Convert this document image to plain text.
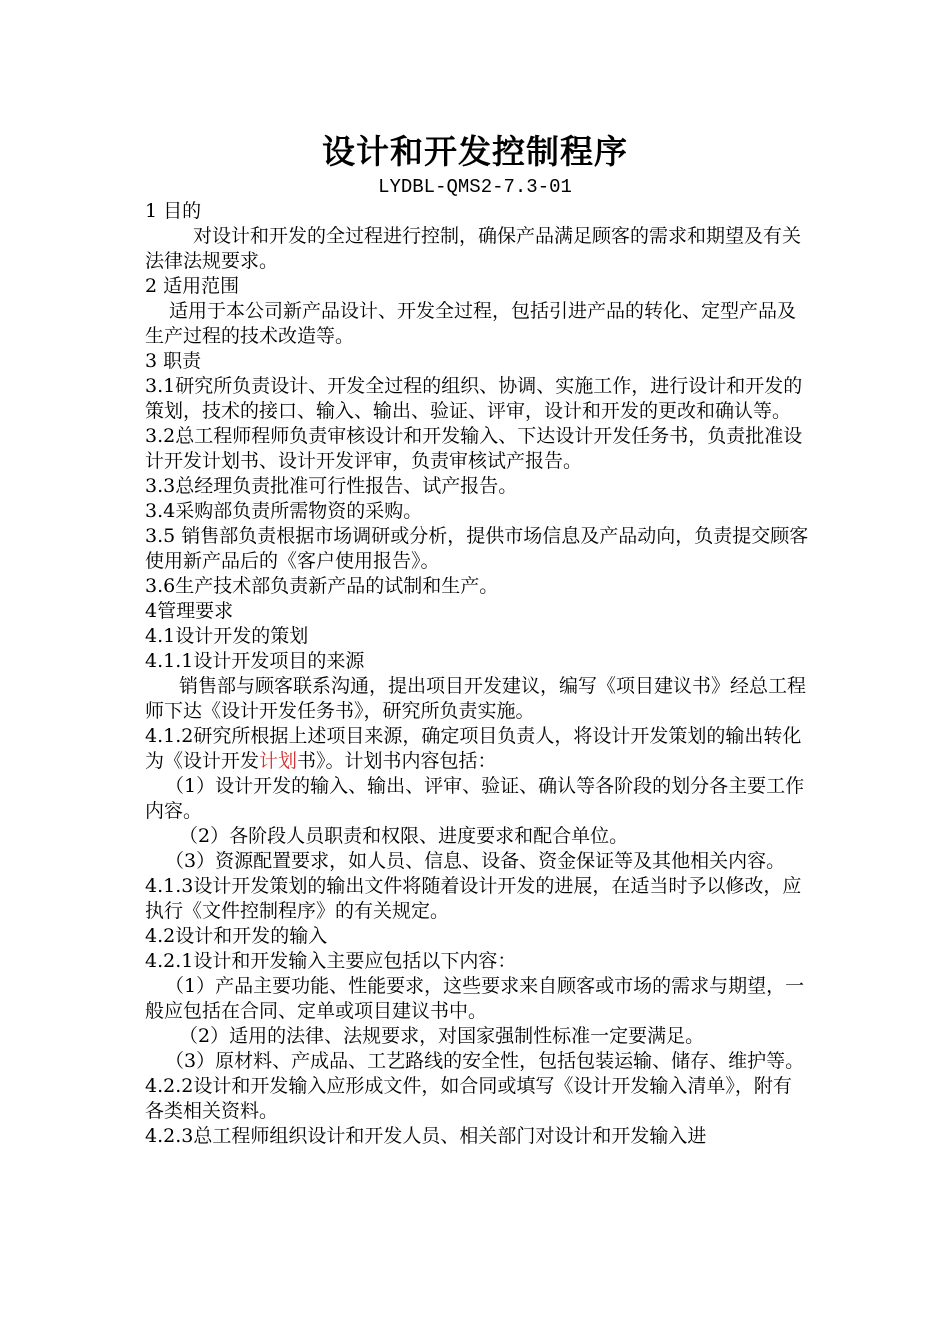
设计和开发控制程序
LYDBL-QMS2-7.3-01

1 目的

对设计和开发的全过程进行控制，确保产品满足顾客的需求和期望及有关法律法规要求。

2 适用范围

适用于本公司新产品设计、开发全过程，包括引进产品的转化、定型产品及生产过程的技术改造等。

3 职责

3.1研究所负责设计、开发全过程的组织、协调、实施工作，进行设计和开发的策划，技术的接口、输入、输出、验证、评审，设计和开发的更改和确认等。

3.2总工程师程师负责审核设计和开发输入、下达设计开发任务书，负责批准设计开发计划书、设计开发评审，负责审核试产报告。

3.3总经理负责批准可行性报告、试产报告。

3.4采购部负责所需物资的采购。

3.5 销售部负责根据市场调研或分析，提供市场信息及产品动向，负责提交顾客使用新产品后的《客户使用报告》。

3.6生产技术部负责新产品的试制和生产。

4管理要求

4.1设计开发的策划

4.1.1设计开发项目的来源

销售部与顾客联系沟通，提出项目开发建议，编写《项目建议书》经总工程师下达《设计开发任务书》，研究所负责实施。

4.1.2研究所根据上述项目来源，确定项目负责人，将设计开发策划的输出转化为《设计开发计划书》。计划书内容包括：

（1）设计开发的输入、输出、评审、验证、确认等各阶段的划分各主要工作内容。

（2）各阶段人员职责和权限、进度要求和配合单位。

（3）资源配置要求，如人员、信息、设备、资金保证等及其他相关内容。

4.1.3设计开发策划的输出文件将随着设计开发的进展，在适当时予以修改，应执行《文件控制程序》的有关规定。

4.2设计和开发的输入

4.2.1设计和开发输入主要应包括以下内容：

（1）产品主要功能、性能要求，这些要求来自顾客或市场的需求与期望，一般应包括在合同、定单或项目建议书中。

（2）适用的法律、法规要求，对国家强制性标准一定要满足。

（3）原材料、产成品、工艺路线的安全性，包括包装运输、储存、维护等。

4.2.2设计和开发输入应形成文件，如合同或填写《设计开发输入清单》，附有各类相关资料。

4.2.3总工程师组织设计和开发人员、相关部门对设计和开发输入进
